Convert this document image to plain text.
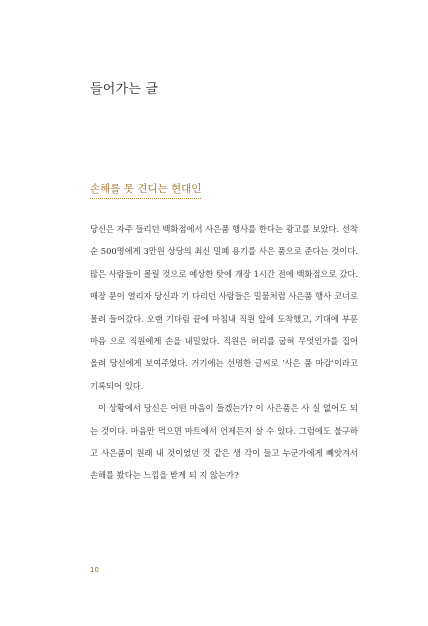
들어가는 글
손해를 못 견디는 현대인

당신은 자주 들리던 백화점에서 사은품 행사를 한다는 광고를 보았다. 선착순 500명에게 3만원 상당의 최신 밀폐 용기를 사은 품으로 준다는 것이다. 많은 사람들이 몰릴 것으로 예상한 탓에 개장 1시간 전에 백화점으로 갔다. 매장 문이 열리자 당신과 기 다리던 사람들은 밀물처럼 사은품 행사 코너로 몰려 들어갔다. 오랜 기다림 끝에 마침내 직원 앞에 도착했고, 기대에 부푼 마음 으로 직원에게 손을 내밀었다. 직원은 허리를 굽혀 무엇인가를 집어 올려 당신에게 보여주었다. 거기에는 선명한 글씨로 '사은 품 마감'이라고 기록되어 있다.

이 상황에서 당신은 어떤 마음이 들겠는가? 이 사은품은 사 실 없어도 되는 것이다. 마음만 먹으면 마트에서 언제든지 살 수 있다. 그럼에도 불구하고 사은품이 원래 내 것이었던 것 같은 생 각이 들고 누군가에게 빼앗겨서 손해를 봤다는 느낌을 받게 되 지 않는가?

10
